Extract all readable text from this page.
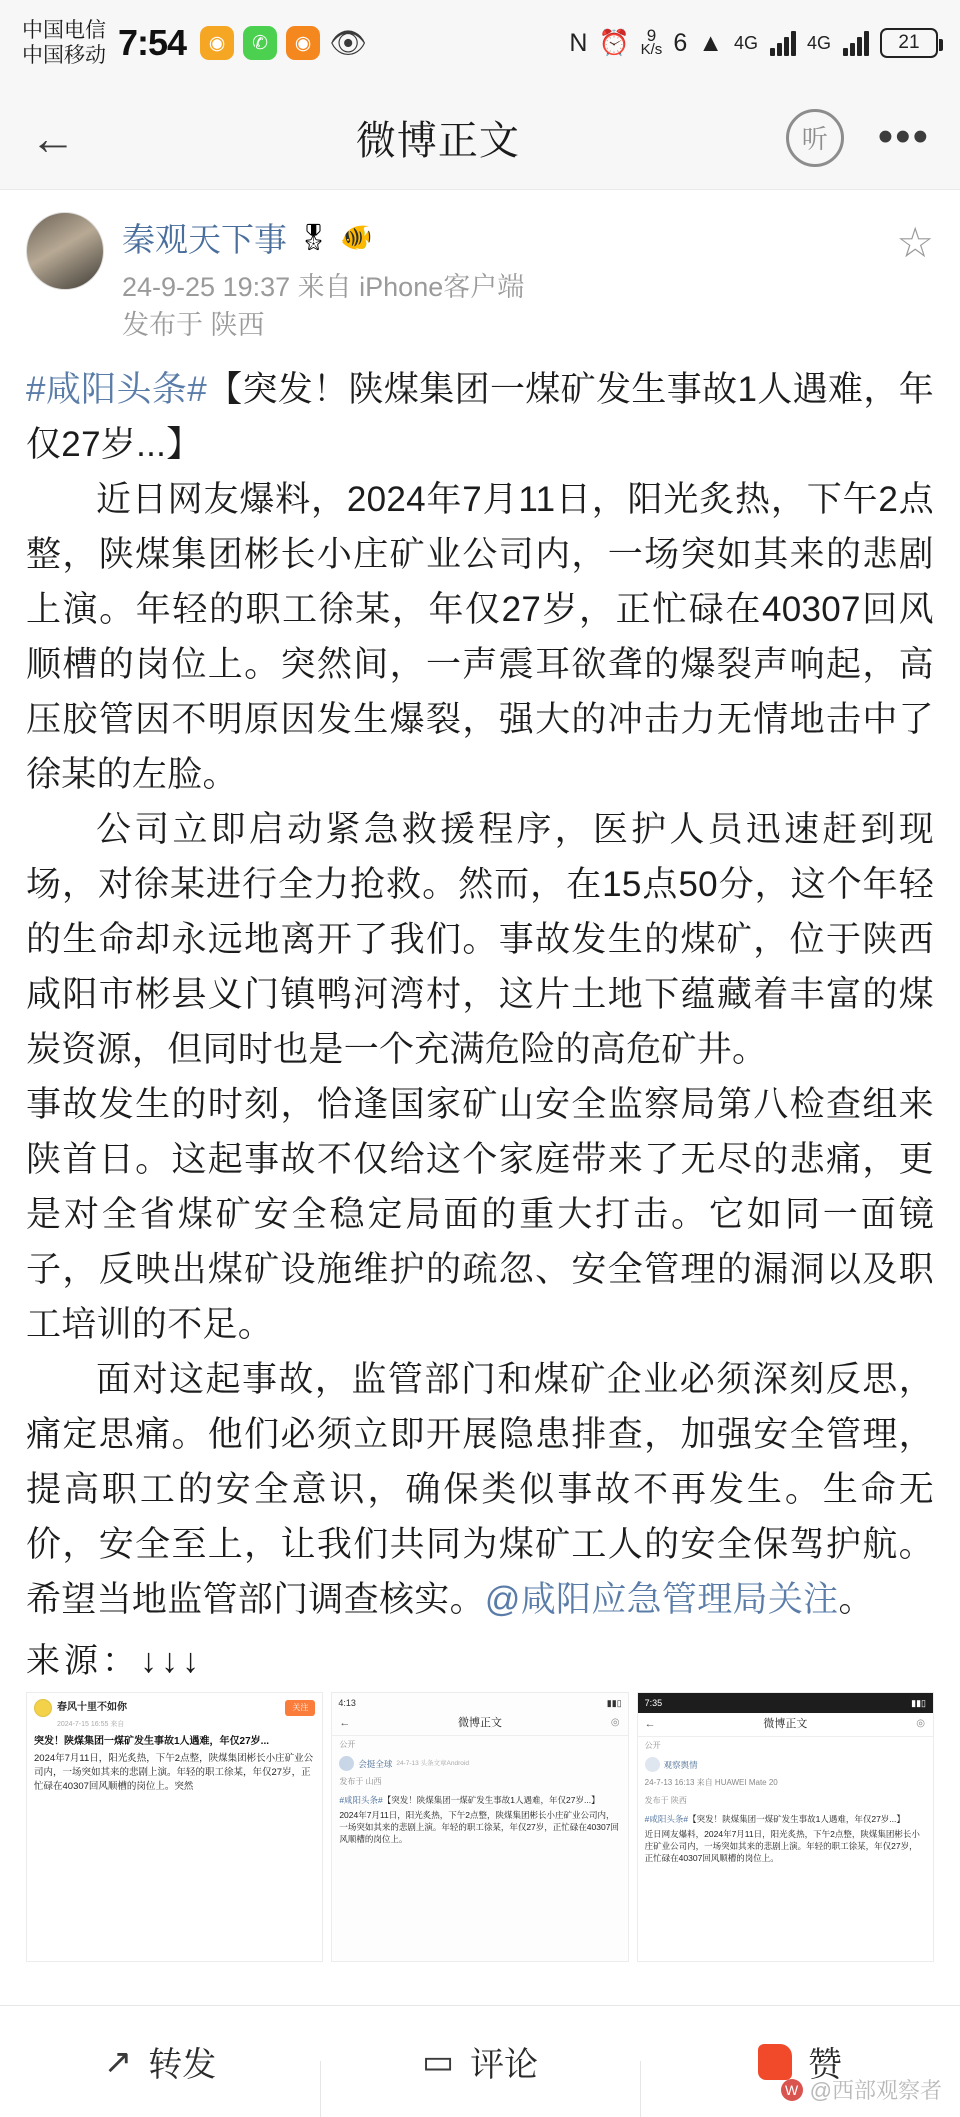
中国电信
中国移动 7:54	◉	✆	◉ 👁	N ⏰ 9
K/s 6 ▲ 4G	4G	21
←	微博正文	听	•••
秦观天下事 🎖 🐠
24-9-25 19:37 来自 iPhone客户端
发布于 陕西
☆
#咸阳头条#【突发！陕煤集团一煤矿发生事故1人遇难，年仅27岁...】
近日网友爆料，2024年7月11日，阳光炙热，下午2点整，陕煤集团彬长小庄矿业公司内，一场突如其来的悲剧上演。年轻的职工徐某，年仅27岁，正忙碌在40307回风顺槽的岗位上。突然间，一声震耳欲聋的爆裂声响起，高压胶管因不明原因发生爆裂，强大的冲击力无情地击中了徐某的左脸。
公司立即启动紧急救援程序，医护人员迅速赶到现场，对徐某进行全力抢救。然而，在15点50分，这个年轻的生命却永远地离开了我们。事故发生的煤矿，位于陕西咸阳市彬县义门镇鸭河湾村，这片土地下蕴藏着丰富的煤炭资源，但同时也是一个充满危险的高危矿井。
事故发生的时刻，恰逢国家矿山安全监察局第八检查组来陕首日。这起事故不仅给这个家庭带来了无尽的悲痛，更是对全省煤矿安全稳定局面的重大打击。它如同一面镜子，反映出煤矿设施维护的疏忽、安全管理的漏洞以及职工培训的不足。
面对这起事故，监管部门和煤矿企业必须深刻反思，痛定思痛。他们必须立即开展隐患排查，加强安全管理，提高职工的安全意识，确保类似事故不再发生。生命无价，安全至上，让我们共同为煤矿工人的安全保驾护航。希望当地监管部门调查核实。@咸阳应急管理局关注。
来源：↓↓↓
春风十里不如你	关注
2024-7-15 16:55 来自
突发！陕煤集团一煤矿发生事故1人遇难，年仅27岁...
2024年7月11日，阳光炙热，下午2点整，陕煤集团彬长小庄矿业公司内，一场突如其来的悲剧上演。年轻的职工徐某，年仅27岁，正忙碌在40307回风顺槽的岗位上。突然
4:13	▮▮▯
←	微博正文	◎
公开
会挺全球 24-7-13 头条文章Android
发布于 山西
#咸阳头条#【突发！陕煤集团一煤矿发生事故1人遇难，年仅27岁...】
2024年7月11日，阳光炙热，下午2点整，陕煤集团彬长小庄矿业公司内，一场突如其来的悲剧上演。年轻的职工徐某，年仅27岁，正忙碌在40307回风顺槽的岗位上。
7:35	▮▮▯
←	微博正文	◎
公开
观察舆情
24-7-13 16:13 来自 HUAWEI Mate 20
发布于 陕西
#咸阳头条#【突发！陕煤集团一煤矿发生事故1人遇难，年仅27岁...】
近日网友爆料，2024年7月11日，阳光炙热，下午2点整，陕煤集团彬长小庄矿业公司内，一场突如其来的悲剧上演。年轻的职工徐某，年仅27岁，正忙碌在40307回风顺槽的岗位上。
↗ 转发	▭ 评论	赞
W @西部观察者
